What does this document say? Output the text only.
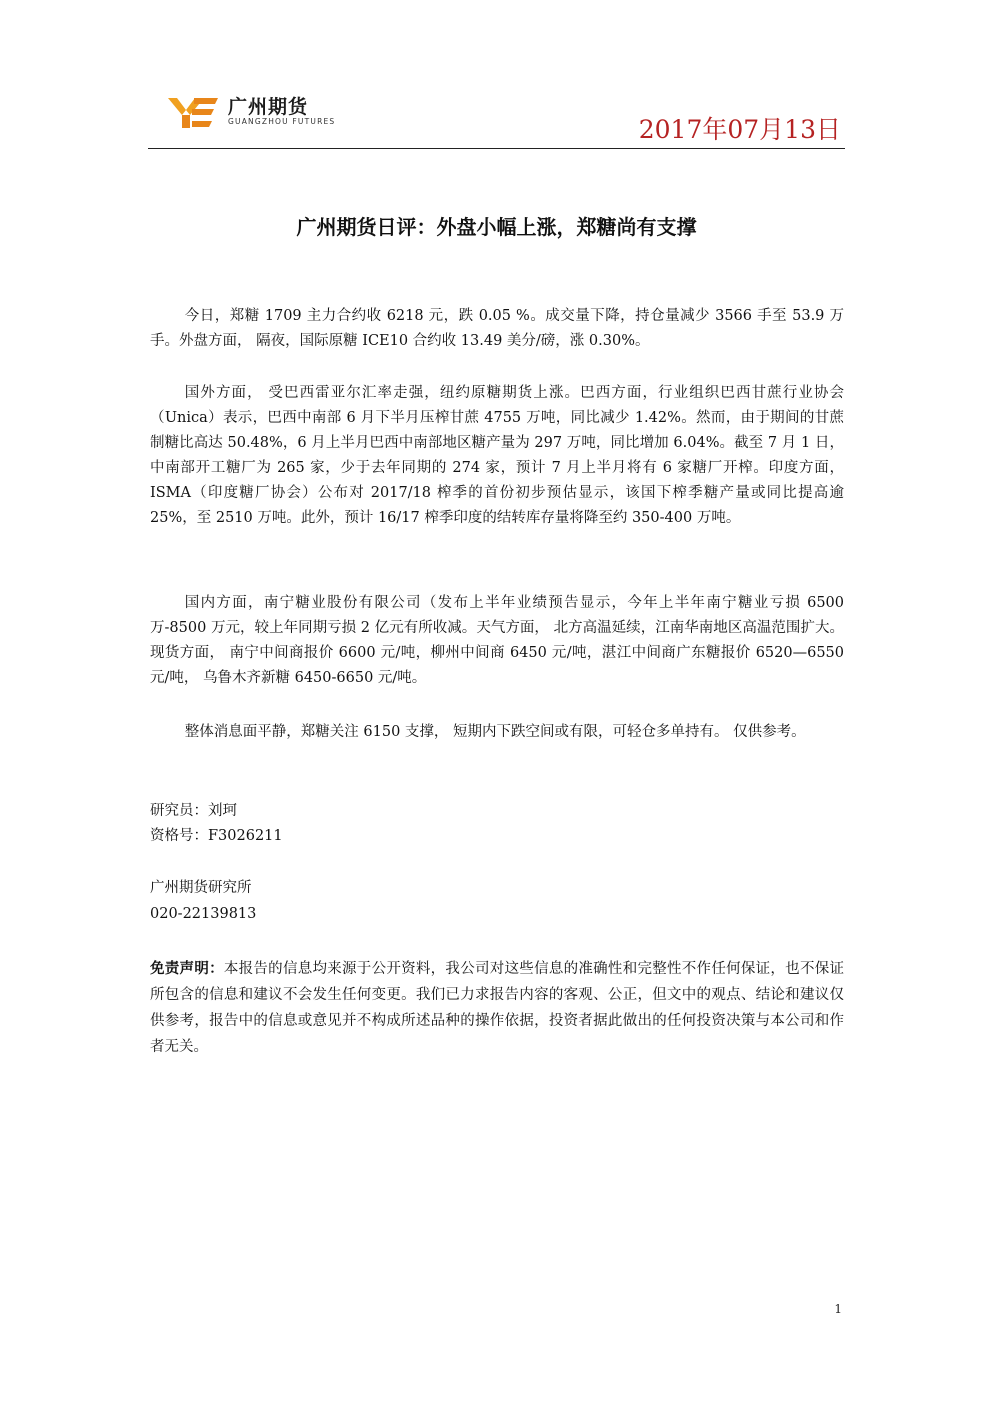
广州期货
GUANGZHOU FUTURES	2017年07月13日
广州期货日评：外盘小幅上涨，郑糖尚有支撑

今日，郑糖 1709 主力合约收 6218 元，跌 0.05 %。成交量下降，持仓量减少 3566 手至 53.9 万手。外盘方面， 隔夜，国际原糖 ICE10 合约收 13.49 美分/磅，涨 0.30%。

国外方面， 受巴西雷亚尔汇率走强，纽约原糖期货上涨。巴西方面，行业组织巴西甘蔗行业协会（Unica）表示，巴西中南部 6 月下半月压榨甘蔗 4755 万吨，同比减少 1.42%。然而，由于期间的甘蔗制糖比高达 50.48%，6 月上半月巴西中南部地区糖产量为 297 万吨，同比增加 6.04%。截至 7 月 1 日，中南部开工糖厂为 265 家，少于去年同期的 274 家，预计 7 月上半月将有 6 家糖厂开榨。印度方面，ISMA（印度糖厂协会）公布对 2017/18 榨季的首份初步预估显示，该国下榨季糖产量或同比提高逾 25%，至 2510 万吨。此外，预计 16/17 榨季印度的结转库存量将降至约 350-400 万吨。

国内方面，南宁糖业股份有限公司（发布上半年业绩预告显示，今年上半年南宁糖业亏损 6500 万-8500 万元，较上年同期亏损 2 亿元有所收减。天气方面， 北方高温延续，江南华南地区高温范围扩大。现货方面， 南宁中间商报价 6600 元/吨，柳州中间商 6450 元/吨，湛江中间商广东糖报价 6520—6550 元/吨， 乌鲁木齐新糖 6450-6650 元/吨。

整体消息面平静，郑糖关注 6150 支撑， 短期内下跌空间或有限，可轻仓多单持有。 仅供参考。

研究员：刘珂
资格号：F3026211
广州期货研究所
020-22139813

免责声明：本报告的信息均来源于公开资料，我公司对这些信息的准确性和完整性不作任何保证，也不保证所包含的信息和建议不会发生任何变更。我们已力求报告内容的客观、公正，但文中的观点、结论和建议仅供参考，报告中的信息或意见并不构成所述品种的操作依据，投资者据此做出的任何投资决策与本公司和作者无关。

1
